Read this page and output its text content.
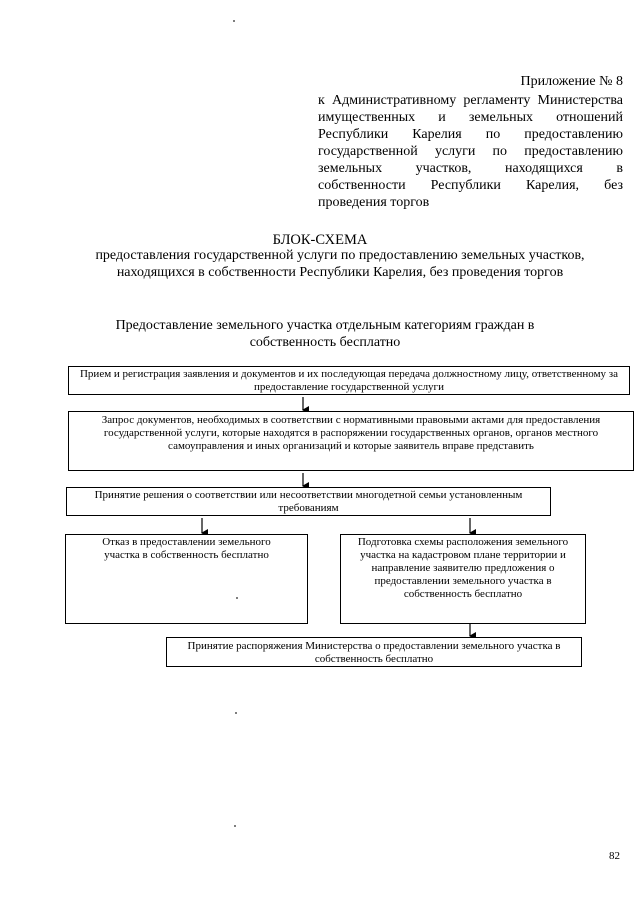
Приложение № 8
к Административному регламенту Министерства имущественных и земельных отношений Республики Карелия по предоставлению государственной услуги по предоставлению земельных участков, находящихся в собственности Республики Карелия, без проведения торгов
БЛОК-СХЕМА
предоставления государственной услуги по предоставлению земельных участков, находящихся в собственности Республики Карелия, без проведения торгов
Предоставление земельного участка отдельным категориям граждан в собственность бесплатно
Прием и регистрация заявления и документов и их последующая передача должностному лицу, ответственному за предоставление государственной услуги
Запрос документов, необходимых в соответствии с нормативными правовыми актами для предоставления государственной услуги, которые находятся в распоряжении государственных органов, органов местного самоуправления и иных организаций и которые заявитель вправе представить
Принятие решения о соответствии или несоответствии многодетной семьи установленным требованиям
Отказ в предоставлении земельного участка в собственность бесплатно
Подготовка схемы расположения земельного участка на кадастровом плане территории и направление заявителю предложения о предоставлении земельного участка в собственность бесплатно
Принятие распоряжения Министерства о предоставлении земельного участка в собственность бесплатно
82
